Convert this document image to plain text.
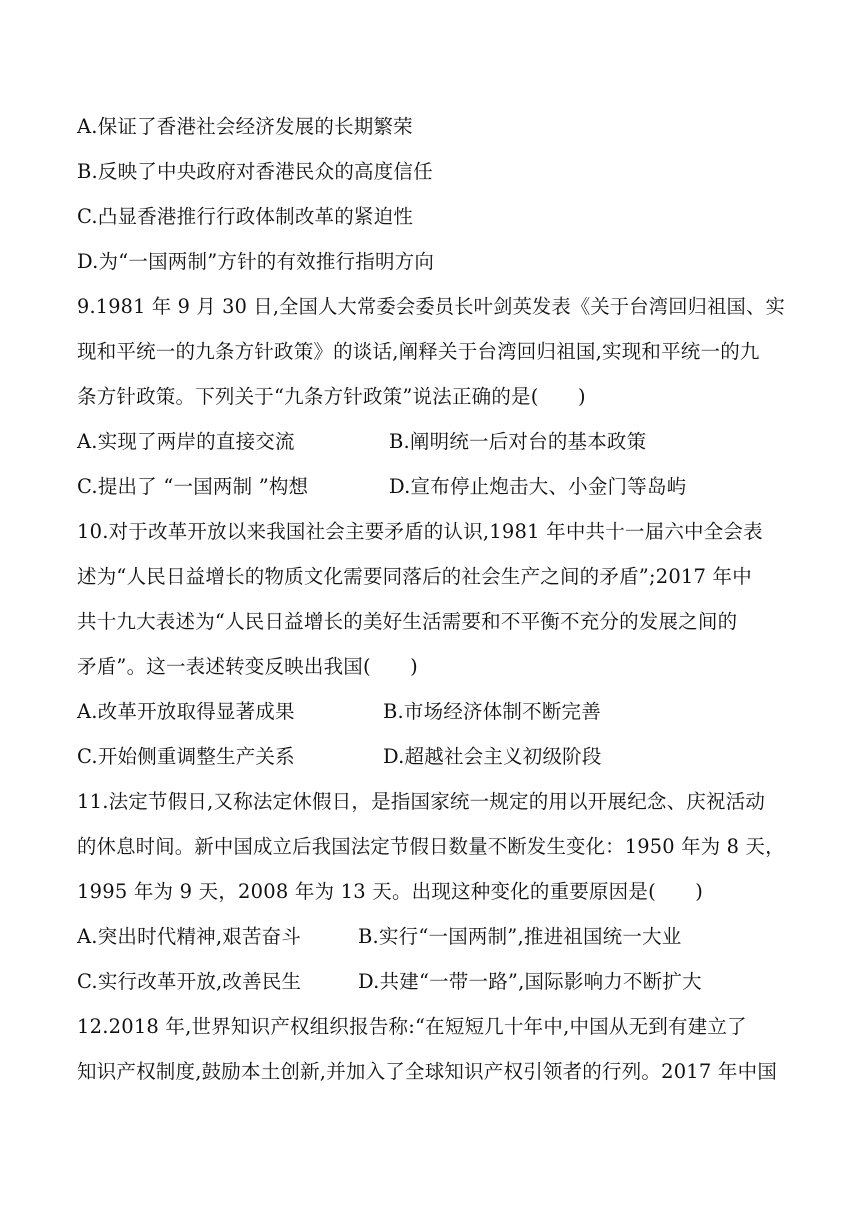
A.保证了香港社会经济发展的长期繁荣
B.反映了中央政府对香港民众的高度信任
C.凸显香港推行行政体制改革的紧迫性
D.为“一国两制”方针的有效推行指明方向
9.1981 年 9 月 30 日,全国人大常委会委员长叶剑英发表《关于台湾回归祖国、实
现和平统一的九条方针政策》的谈话,阐释关于台湾回归祖国,实现和平统一的九
条方针政策。下列关于“九条方针政策”说法正确的是(　　)
A.实现了两岸的直接交流	B.阐明统一后对台的基本政策
C.提出了 “一国两制 ”构想	D.宣布停止炮击大、小金门等岛屿
10.对于改革开放以来我国社会主要矛盾的认识,1981 年中共十一届六中全会表
述为“人民日益增长的物质文化需要同落后的社会生产之间的矛盾”;2017 年中
共十九大表述为“人民日益增长的美好生活需要和不平衡不充分的发展之间的
矛盾”。这一表述转变反映出我国(　　)
A.改革开放取得显著成果	B.市场经济体制不断完善
C.开始侧重调整生产关系	D.超越社会主义初级阶段
11.法定节假日,又称法定休假日，是指国家统一规定的用以开展纪念、庆祝活动
的休息时间。新中国成立后我国法定节假日数量不断发生变化：1950 年为 8 天，
1995 年为 9 天，2008 年为 13 天。出现这种变化的重要原因是(　　)
A.突出时代精神,艰苦奋斗	B.实行“一国两制”,推进祖国统一大业
C.实行改革开放,改善民生	D.共建“一带一路”,国际影响力不断扩大
12.2018 年,世界知识产权组织报告称:“在短短几十年中,中国从无到有建立了
知识产权制度,鼓励本土创新,并加入了全球知识产权引领者的行列。2017 年中国
